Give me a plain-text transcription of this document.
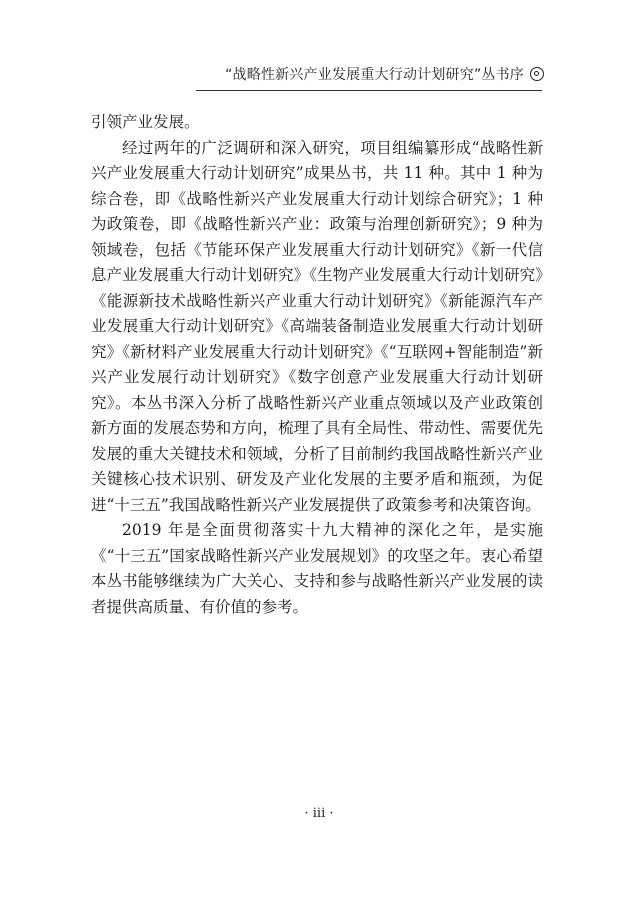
“战略性新兴产业发展重大行动计划研究”丛书序

引领产业发展。

经过两年的广泛调研和深入研究，项目组编纂形成“战略性新兴产业发展重大行动计划研究”成果丛书，共 11 种。其中 1 种为综合卷，即《战略性新兴产业发展重大行动计划综合研究》；1 种为政策卷，即《战略性新兴产业：政策与治理创新研究》；9 种为领域卷，包括《节能环保产业发展重大行动计划研究》《新一代信息产业发展重大行动计划研究》《生物产业发展重大行动计划研究》《能源新技术战略性新兴产业重大行动计划研究》《新能源汽车产业发展重大行动计划研究》《高端装备制造业发展重大行动计划研究》《新材料产业发展重大行动计划研究》《“互联网+智能制造”新兴产业发展行动计划研究》《数字创意产业发展重大行动计划研究》。本丛书深入分析了战略性新兴产业重点领域以及产业政策创新方面的发展态势和方向，梳理了具有全局性、带动性、需要优先发展的重大关键技术和领域，分析了目前制约我国战略性新兴产业关键核心技术识别、研发及产业化发展的主要矛盾和瓶颈，为促进“十三五”我国战略性新兴产业发展提供了政策参考和决策咨询。

2019 年是全面贯彻落实十九大精神的深化之年，是实施《“十三五”国家战略性新兴产业发展规划》的攻坚之年。衷心希望本丛书能够继续为广大关心、支持和参与战略性新兴产业发展的读者提供高质量、有价值的参考。

· iii ·
